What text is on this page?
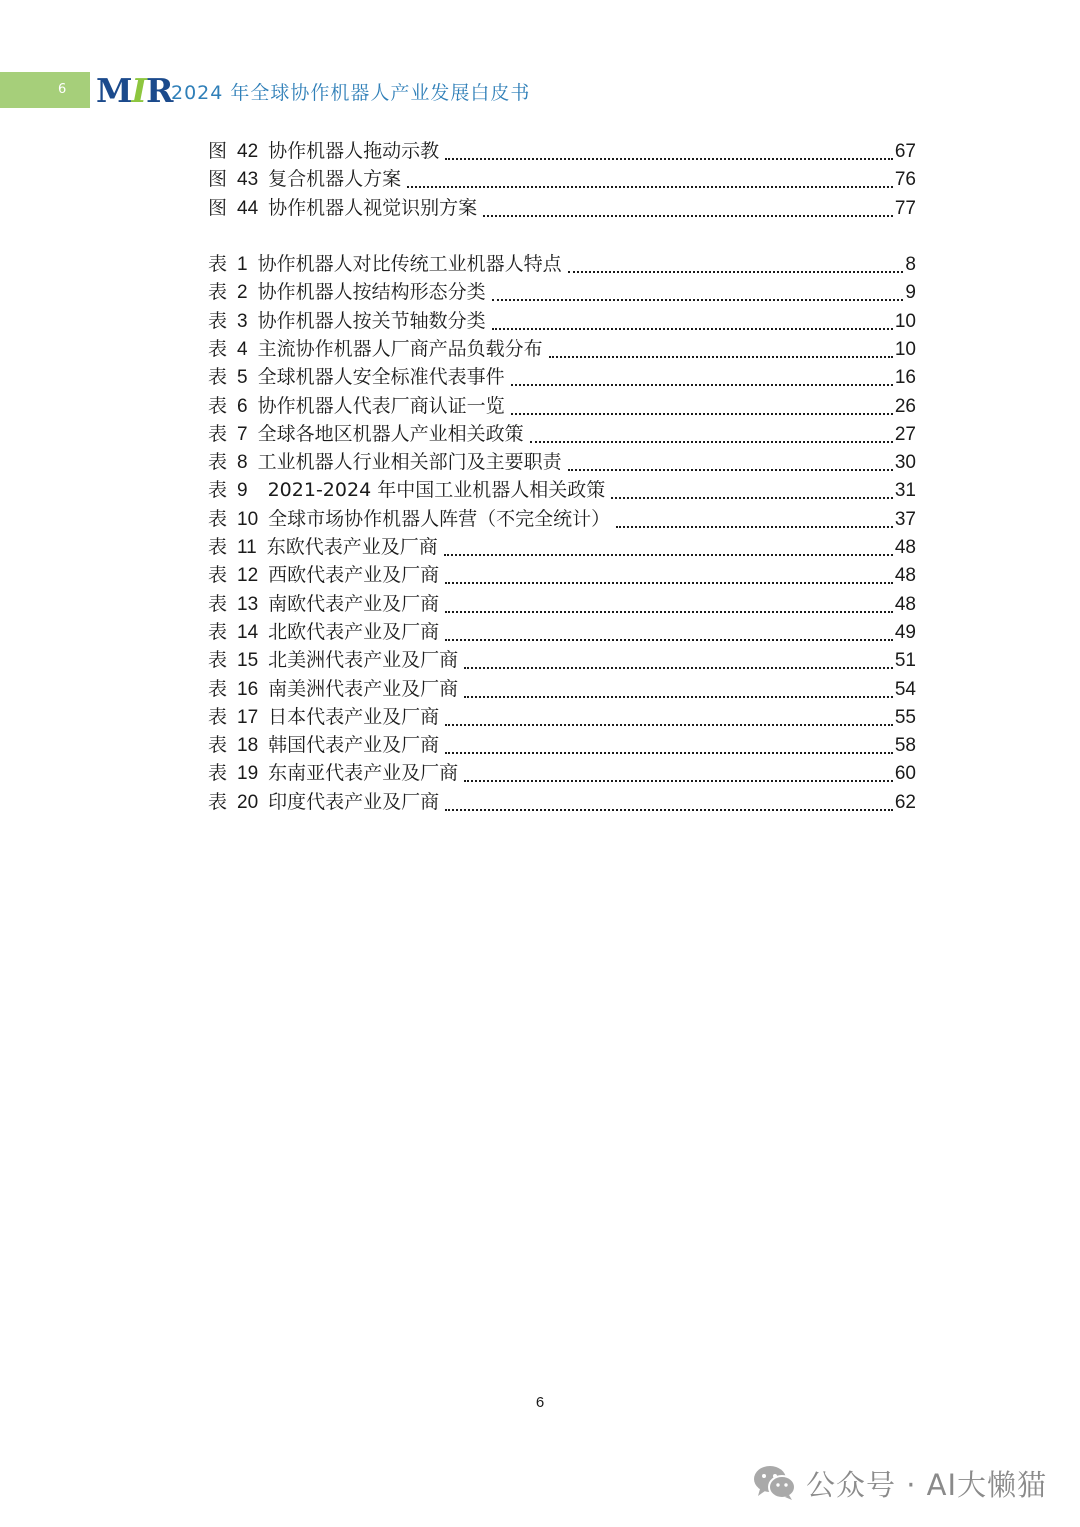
6 MIR
2024 年全球协作机器人产业发展白皮书
图 42 协作机器人拖动示教	67
图 43 复合机器人方案	76
图 44 协作机器人视觉识别方案	77
表 1 协作机器人对比传统工业机器人特点	8
表 2 协作机器人按结构形态分类	9
表 3 协作机器人按关节轴数分类	10
表 4 主流协作机器人厂商产品负载分布	10
表 5 全球机器人安全标准代表事件	16
表 6 协作机器人代表厂商认证一览	26
表 7 全球各地区机器人产业相关政策	27
表 8 工业机器人行业相关部门及主要职责	30
表 9 2021-2024 年中国工业机器人相关政策	31
表 10 全球市场协作机器人阵营（不完全统计）	37
表 11 东欧代表产业及厂商	48
表 12 西欧代表产业及厂商	48
表 13 南欧代表产业及厂商	48
表 14 北欧代表产业及厂商	49
表 15 北美洲代表产业及厂商	51
表 16 南美洲代表产业及厂商	54
表 17 日本代表产业及厂商	55
表 18 韩国代表产业及厂商	58
表 19 东南亚代表产业及厂商	60
表 20 印度代表产业及厂商	62
6
公众号 · AI大懒猫
